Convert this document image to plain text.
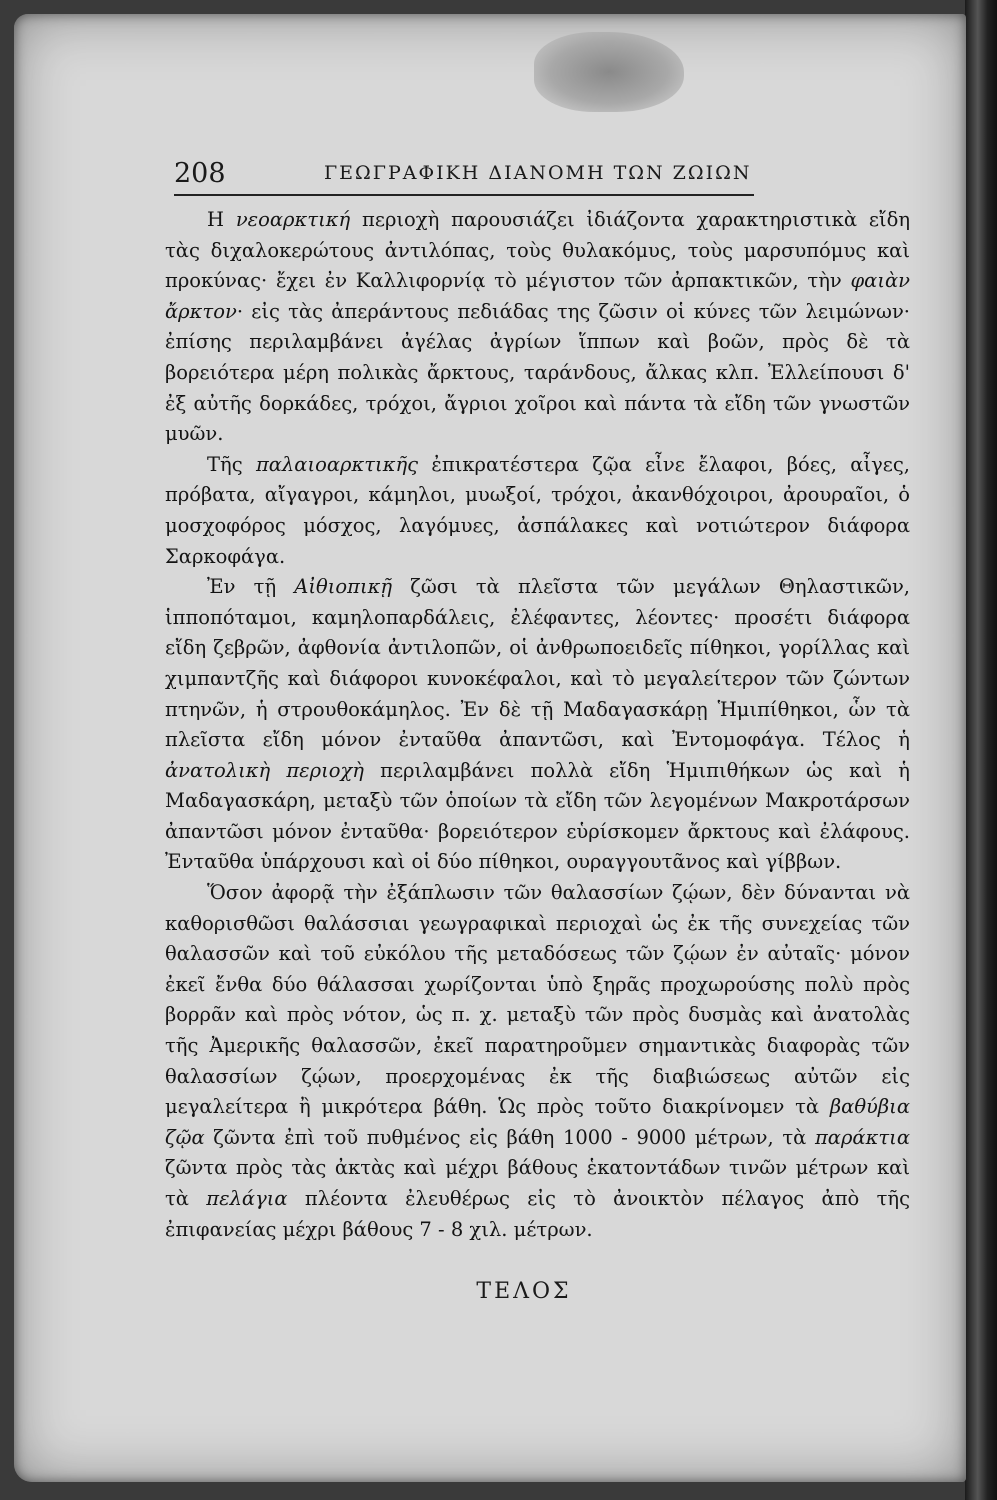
208	ΓΕΩΓΡΑΦΙΚΗ ΔΙΑΝΟΜΗ ΤΩΝ ΖΩΙΩΝ
ΤΕΛΟΣ

Η νεοαρκτική περιοχὴ παρουσιάζει ἰδιάζοντα χαρακτηριστικὰ εἴδη τὰς διχαλοκερώτους ἀντιλόπας, τοὺς θυλακόμυς, τοὺς μαρσυπόμυς καὶ προκύνας· ἔχει ἐν Καλλιφορνίᾳ τὸ μέγιστον τῶν ἀρπακτικῶν, τὴν φαιὰν ἄρκτον· εἰς τὰς ἀπεράντους πεδιάδας της ζῶσιν οἱ κύνες τῶν λειμώνων· ἐπίσης περιλαμβάνει ἀγέλας ἀγρίων ἵππων καὶ βοῶν, πρὸς δὲ τὰ βορειότερα μέρη πολικὰς ἄρκτους, ταράνδους, ἄλκας κλπ. Ἐλλείπουσι δ' ἐξ αὐτῆς δορκάδες, τρόχοι, ἄγριοι χοῖροι καὶ πάντα τὰ εἴδη τῶν γνωστῶν μυῶν.

Τῆς παλαιοαρκτικῆς ἐπικρατέστερα ζῷα εἶνε ἔλαφοι, βόες, αἶγες, πρόβατα, αἴγαγροι, κάμηλοι, μυωξοί, τρόχοι, ἀκανθόχοιροι, ἀρουραῖοι, ὁ μοσχοφόρος μόσχος, λαγόμυες, ἀσπάλακες καὶ νοτιώτερον διάφορα Σαρκοφάγα.

Ἐν τῇ Αἰθιοπικῇ ζῶσι τὰ πλεῖστα τῶν μεγάλων Θηλαστικῶν, ἱπποπόταμοι, καμηλοπαρδάλεις, ἐλέφαντες, λέοντες· προσέτι διάφορα εἴδη ζεβρῶν, ἀφθονία ἀντιλοπῶν, οἱ ἀνθρωποειδεῖς πίθηκοι, γορίλλας καὶ χιμπαντζῆς καὶ διάφοροι κυνοκέφαλοι, καὶ τὸ μεγαλείτερον τῶν ζώντων πτηνῶν, ἡ στρουθοκάμηλος. Ἐν δὲ τῇ Μαδαγασκάρῃ Ἡμιπίθηκοι, ὧν τὰ πλεῖστα εἴδη μόνον ἐνταῦθα ἀπαντῶσι, καὶ Ἐντομοφάγα. Τέλος ἡ ἀνατολικὴ περιοχὴ περιλαμβάνει πολλὰ εἴδη Ἡμιπιθήκων ὡς καὶ ἡ Μαδαγασκάρη, μεταξὺ τῶν ὁποίων τὰ εἴδη τῶν λεγομένων Μακροτάρσων ἀπαντῶσι μόνον ἐνταῦθα· βορειότερον εὑρίσκομεν ἄρκτους καὶ ἐλάφους. Ἐνταῦθα ὑπάρχουσι καὶ οἱ δύο πίθηκοι, ουραγγουτᾶνος καὶ γίββων.

Ὅσον ἀφορᾷ τὴν ἐξάπλωσιν τῶν θαλασσίων ζῴων, δὲν δύνανται νὰ καθορισθῶσι θαλάσσιαι γεωγραφικαὶ περιοχαὶ ὡς ἐκ τῆς συνεχείας τῶν θαλασσῶν καὶ τοῦ εὐκόλου τῆς μεταδόσεως τῶν ζῴων ἐν αὐταῖς· μόνον ἐκεῖ ἔνθα δύο θάλασσαι χωρίζονται ὑπὸ ξηρᾶς προχωρούσης πολὺ πρὸς βορρᾶν καὶ πρὸς νότον, ὡς π. χ. μεταξὺ τῶν πρὸς δυσμὰς καὶ ἀνατολὰς τῆς Ἀμερικῆς θαλασσῶν, ἐκεῖ παρατηροῦμεν σημαντικὰς διαφορὰς τῶν θαλασσίων ζῴων, προερχομένας ἐκ τῆς διαβιώσεως αὐτῶν εἰς μεγαλείτερα ἢ μικρότερα βάθη. Ὡς πρὸς τοῦτο διακρίνομεν τὰ βαθύβια ζῷα ζῶντα ἐπὶ τοῦ πυθμένος εἰς βάθη 1000 - 9000 μέτρων, τὰ παράκτια ζῶντα πρὸς τὰς ἀκτὰς καὶ μέχρι βάθους ἑκατοντάδων τινῶν μέτρων καὶ τὰ πελάγια πλέοντα ἐλευθέρως εἰς τὸ ἀνοικτὸν πέλαγος ἀπὸ τῆς ἐπιφανείας μέχρι βάθους 7 - 8 χιλ. μέτρων.
